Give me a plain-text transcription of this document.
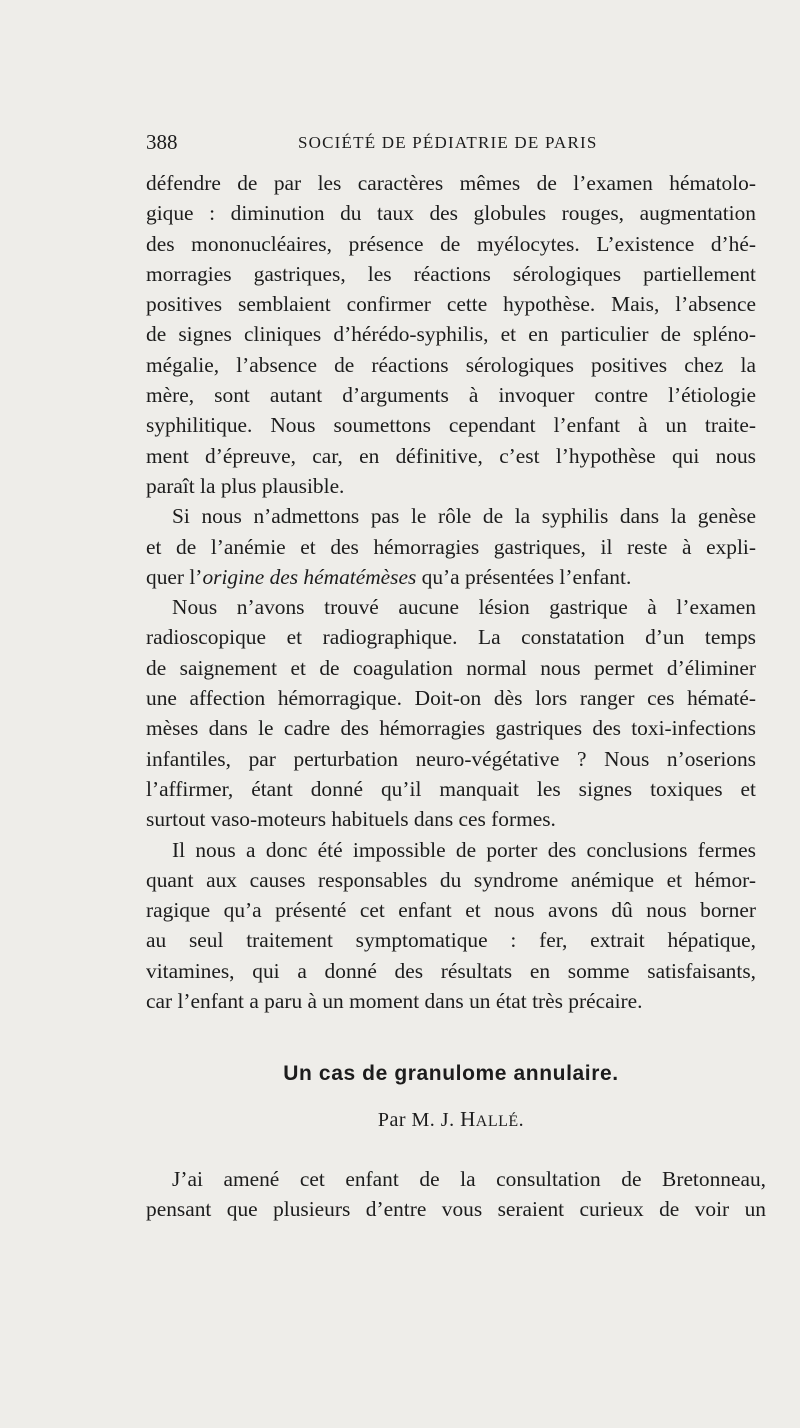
388	SOCIÉTÉ DE PÉDIATRIE DE PARIS
défendre de par les caractères mêmes de l’examen hématolo-
gique : diminution du taux des globules rouges, augmentation
des mononucléaires, présence de myélocytes. L’existence d’hé-
morragies gastriques, les réactions sérologiques partiellement
positives semblaient confirmer cette hypothèse. Mais, l’absence
de signes cliniques d’hérédo-syphilis, et en particulier de spléno-
mégalie, l’absence de réactions sérologiques positives chez la
mère, sont autant d’arguments à invoquer contre l’étiologie
syphilitique. Nous soumettons cependant l’enfant à un traite-
ment d’épreuve, car, en définitive, c’est l’hypothèse qui nous
paraît la plus plausible.
Si nous n’admettons pas le rôle de la syphilis dans la genèse
et de l’anémie et des hémorragies gastriques, il reste à expli-
quer l’origine des hématémèses qu’a présentées l’enfant.
Nous n’avons trouvé aucune lésion gastrique à l’examen
radioscopique et radiographique. La constatation d’un temps
de saignement et de coagulation normal nous permet d’éliminer
une affection hémorragique. Doit-on dès lors ranger ces hématé-
mèses dans le cadre des hémorragies gastriques des toxi-infections
infantiles, par perturbation neuro-végétative ? Nous n’oserions
l’affirmer, étant donné qu’il manquait les signes toxiques et
surtout vaso-moteurs habituels dans ces formes.
Il nous a donc été impossible de porter des conclusions fermes
quant aux causes responsables du syndrome anémique et hémor-
ragique qu’a présenté cet enfant et nous avons dû nous borner
au seul traitement symptomatique : fer, extrait hépatique,
vitamines, qui a donné des résultats en somme satisfaisants,
car l’enfant a paru à un moment dans un état très précaire.
Un cas de granulome annulaire.
Par M. J. HALLÉ.
J’ai amené cet enfant de la consultation de Bretonneau,
pensant que plusieurs d’entre vous seraient curieux de voir un
